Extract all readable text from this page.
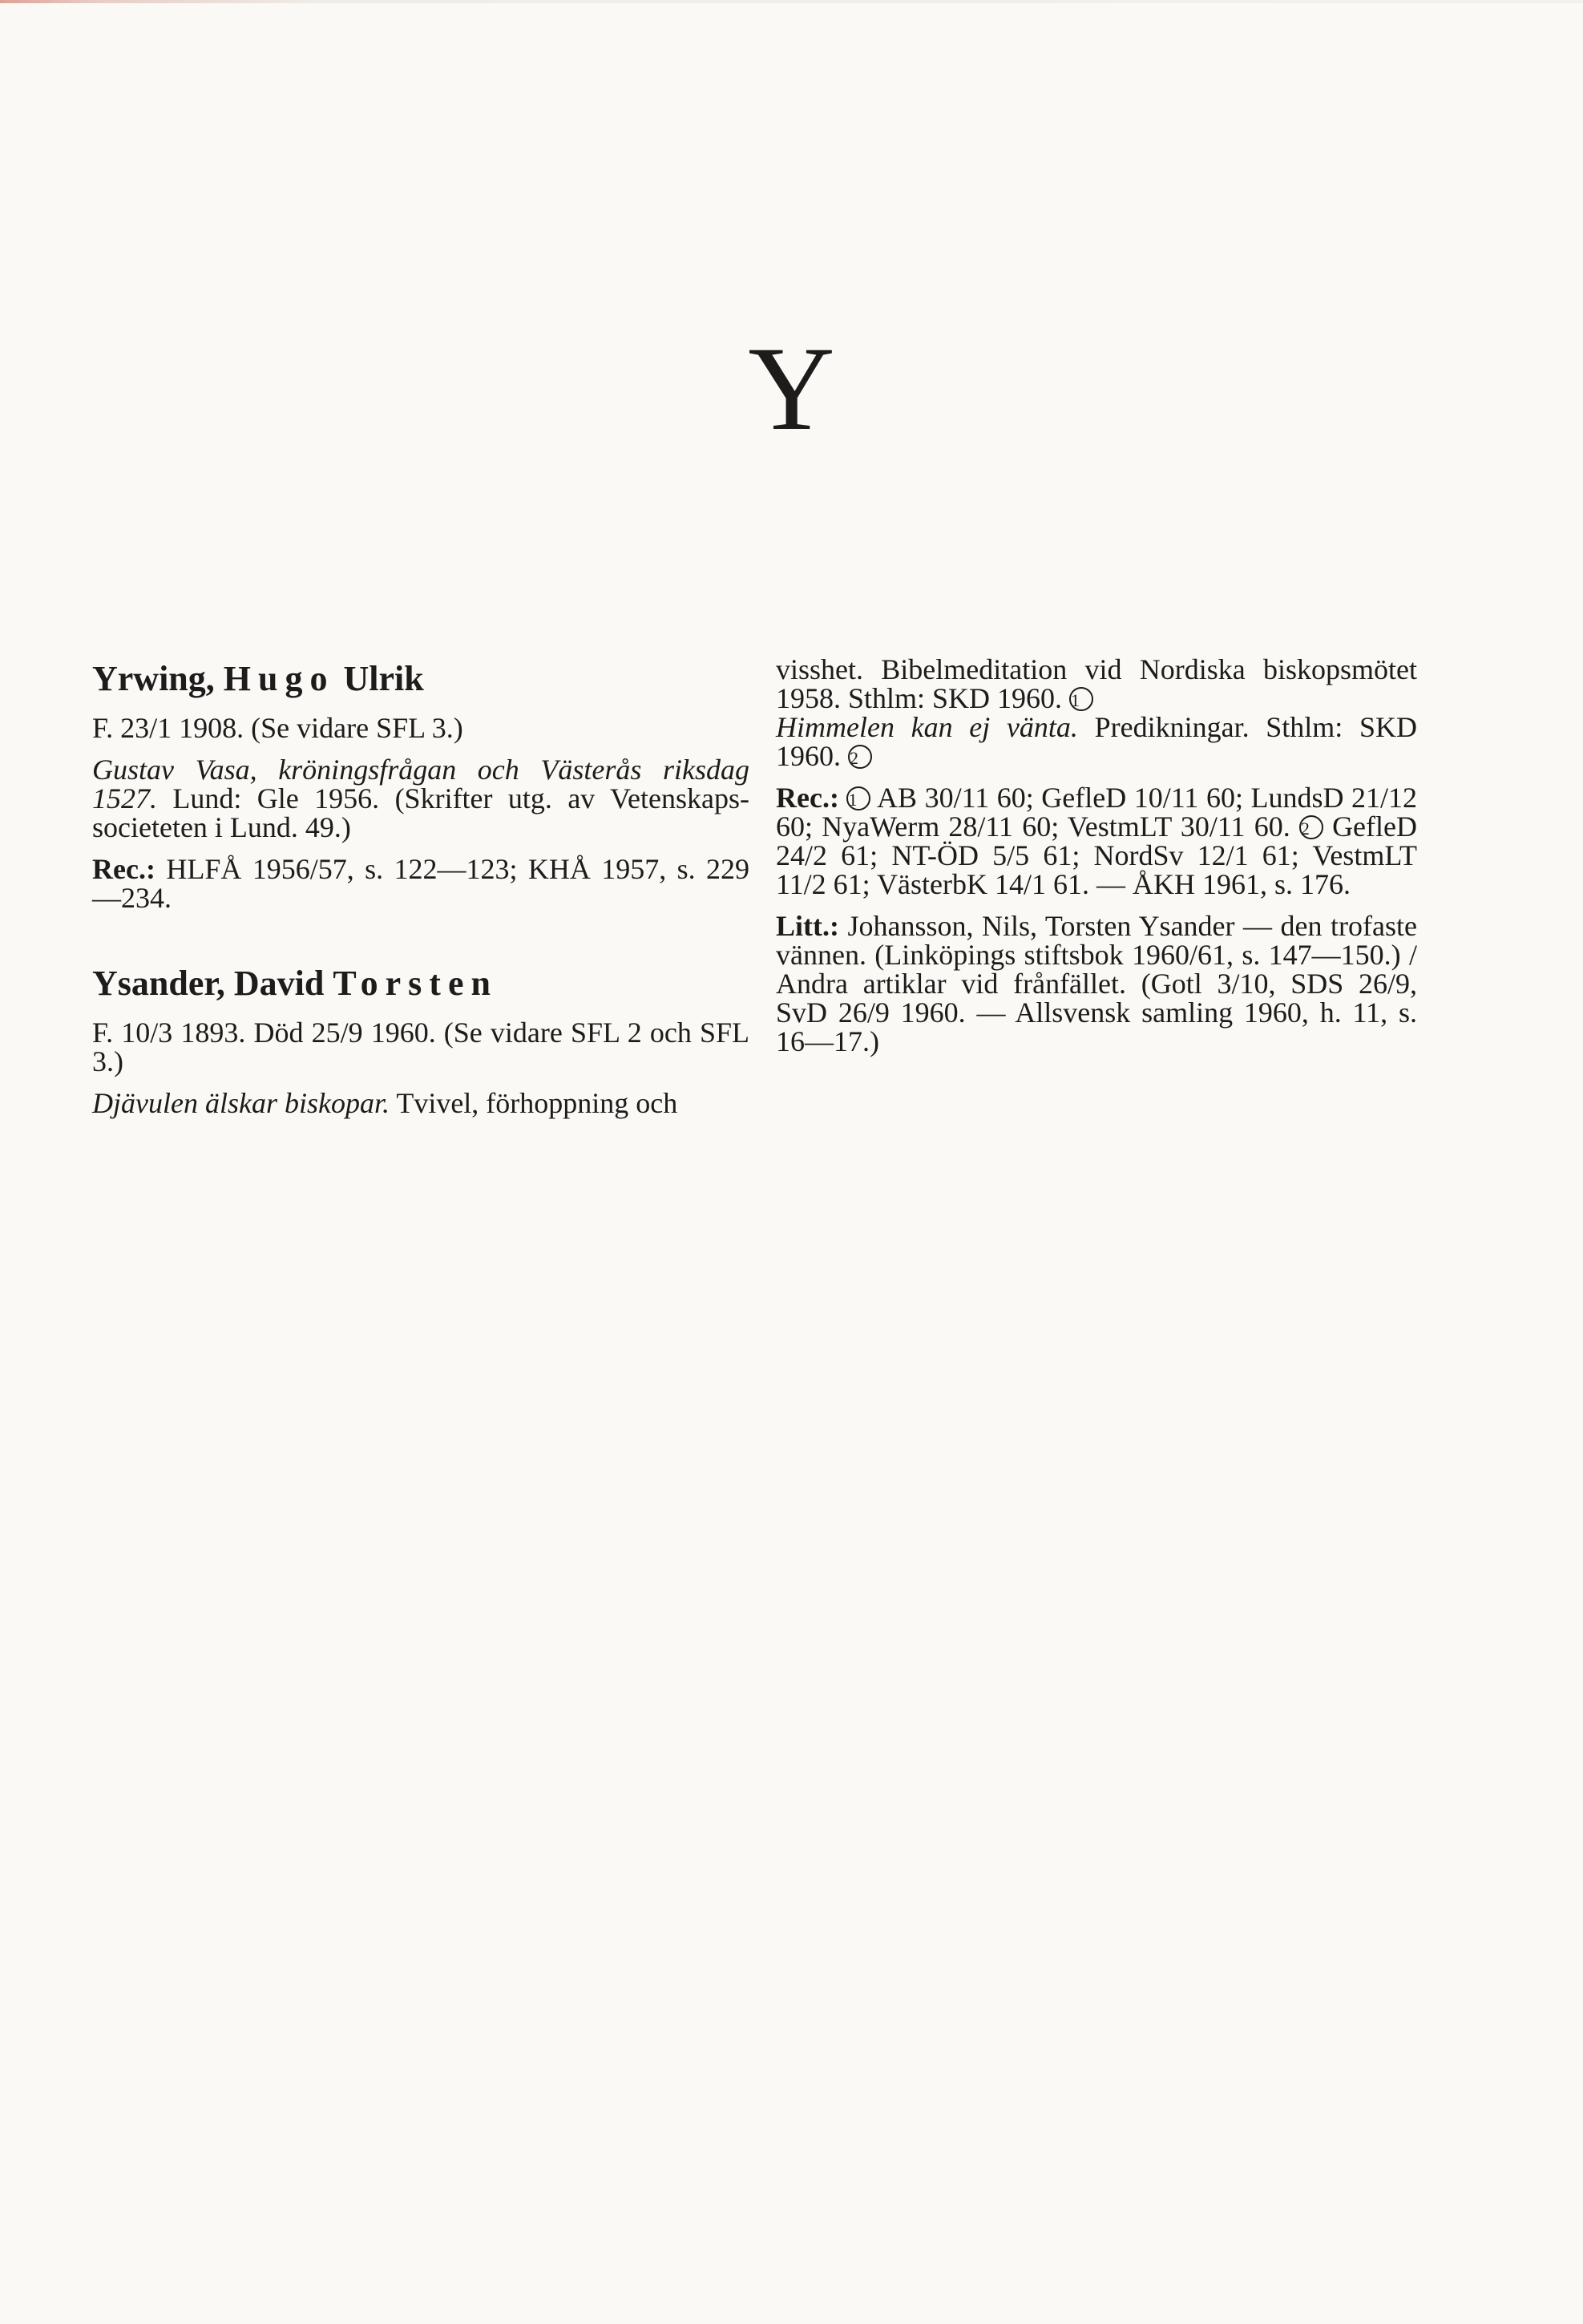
Y
Yrwing, Hugo Ulrik

F. 23/1 1908. (Se vidare SFL 3.)

Gustav Vasa, kröningsfrågan och Västerås riksdag 1527. Lund: Gle 1956. (Skrifter utg. av Vetenskaps-societeten i Lund. 49.)

Rec.: HLFÅ 1956/57, s. 122—123; KHÅ 1957, s. 229—234.

Ysander, David Torsten

F. 10/3 1893. Död 25/9 1960. (Se vidare SFL 2 och SFL 3.)

Djävulen älskar biskopar. Tvivel, förhoppning och

visshet. Bibelmeditation vid Nordiska biskopsmötet 1958. Sthlm: SKD 1960. 1
Himmelen kan ej vänta. Predikningar. Sthlm: SKD 1960. 2

Rec.: 1 AB 30/11 60; GefleD 10/11 60; LundsD 21/12 60; NyaWerm 28/11 60; VestmLT 30/11 60. 2 GefleD 24/2 61; NT-ÖD 5/5 61; NordSv 12/1 61; VestmLT 11/2 61; VästerbK 14/1 61. — ÅKH 1961, s. 176.

Litt.: Johansson, Nils, Torsten Ysander — den trofaste vännen. (Linköpings stiftsbok 1960/61, s. 147—150.) / Andra artiklar vid frånfället. (Gotl 3/10, SDS 26/9, SvD 26/9 1960. — Allsvensk samling 1960, h. 11, s. 16—17.)
